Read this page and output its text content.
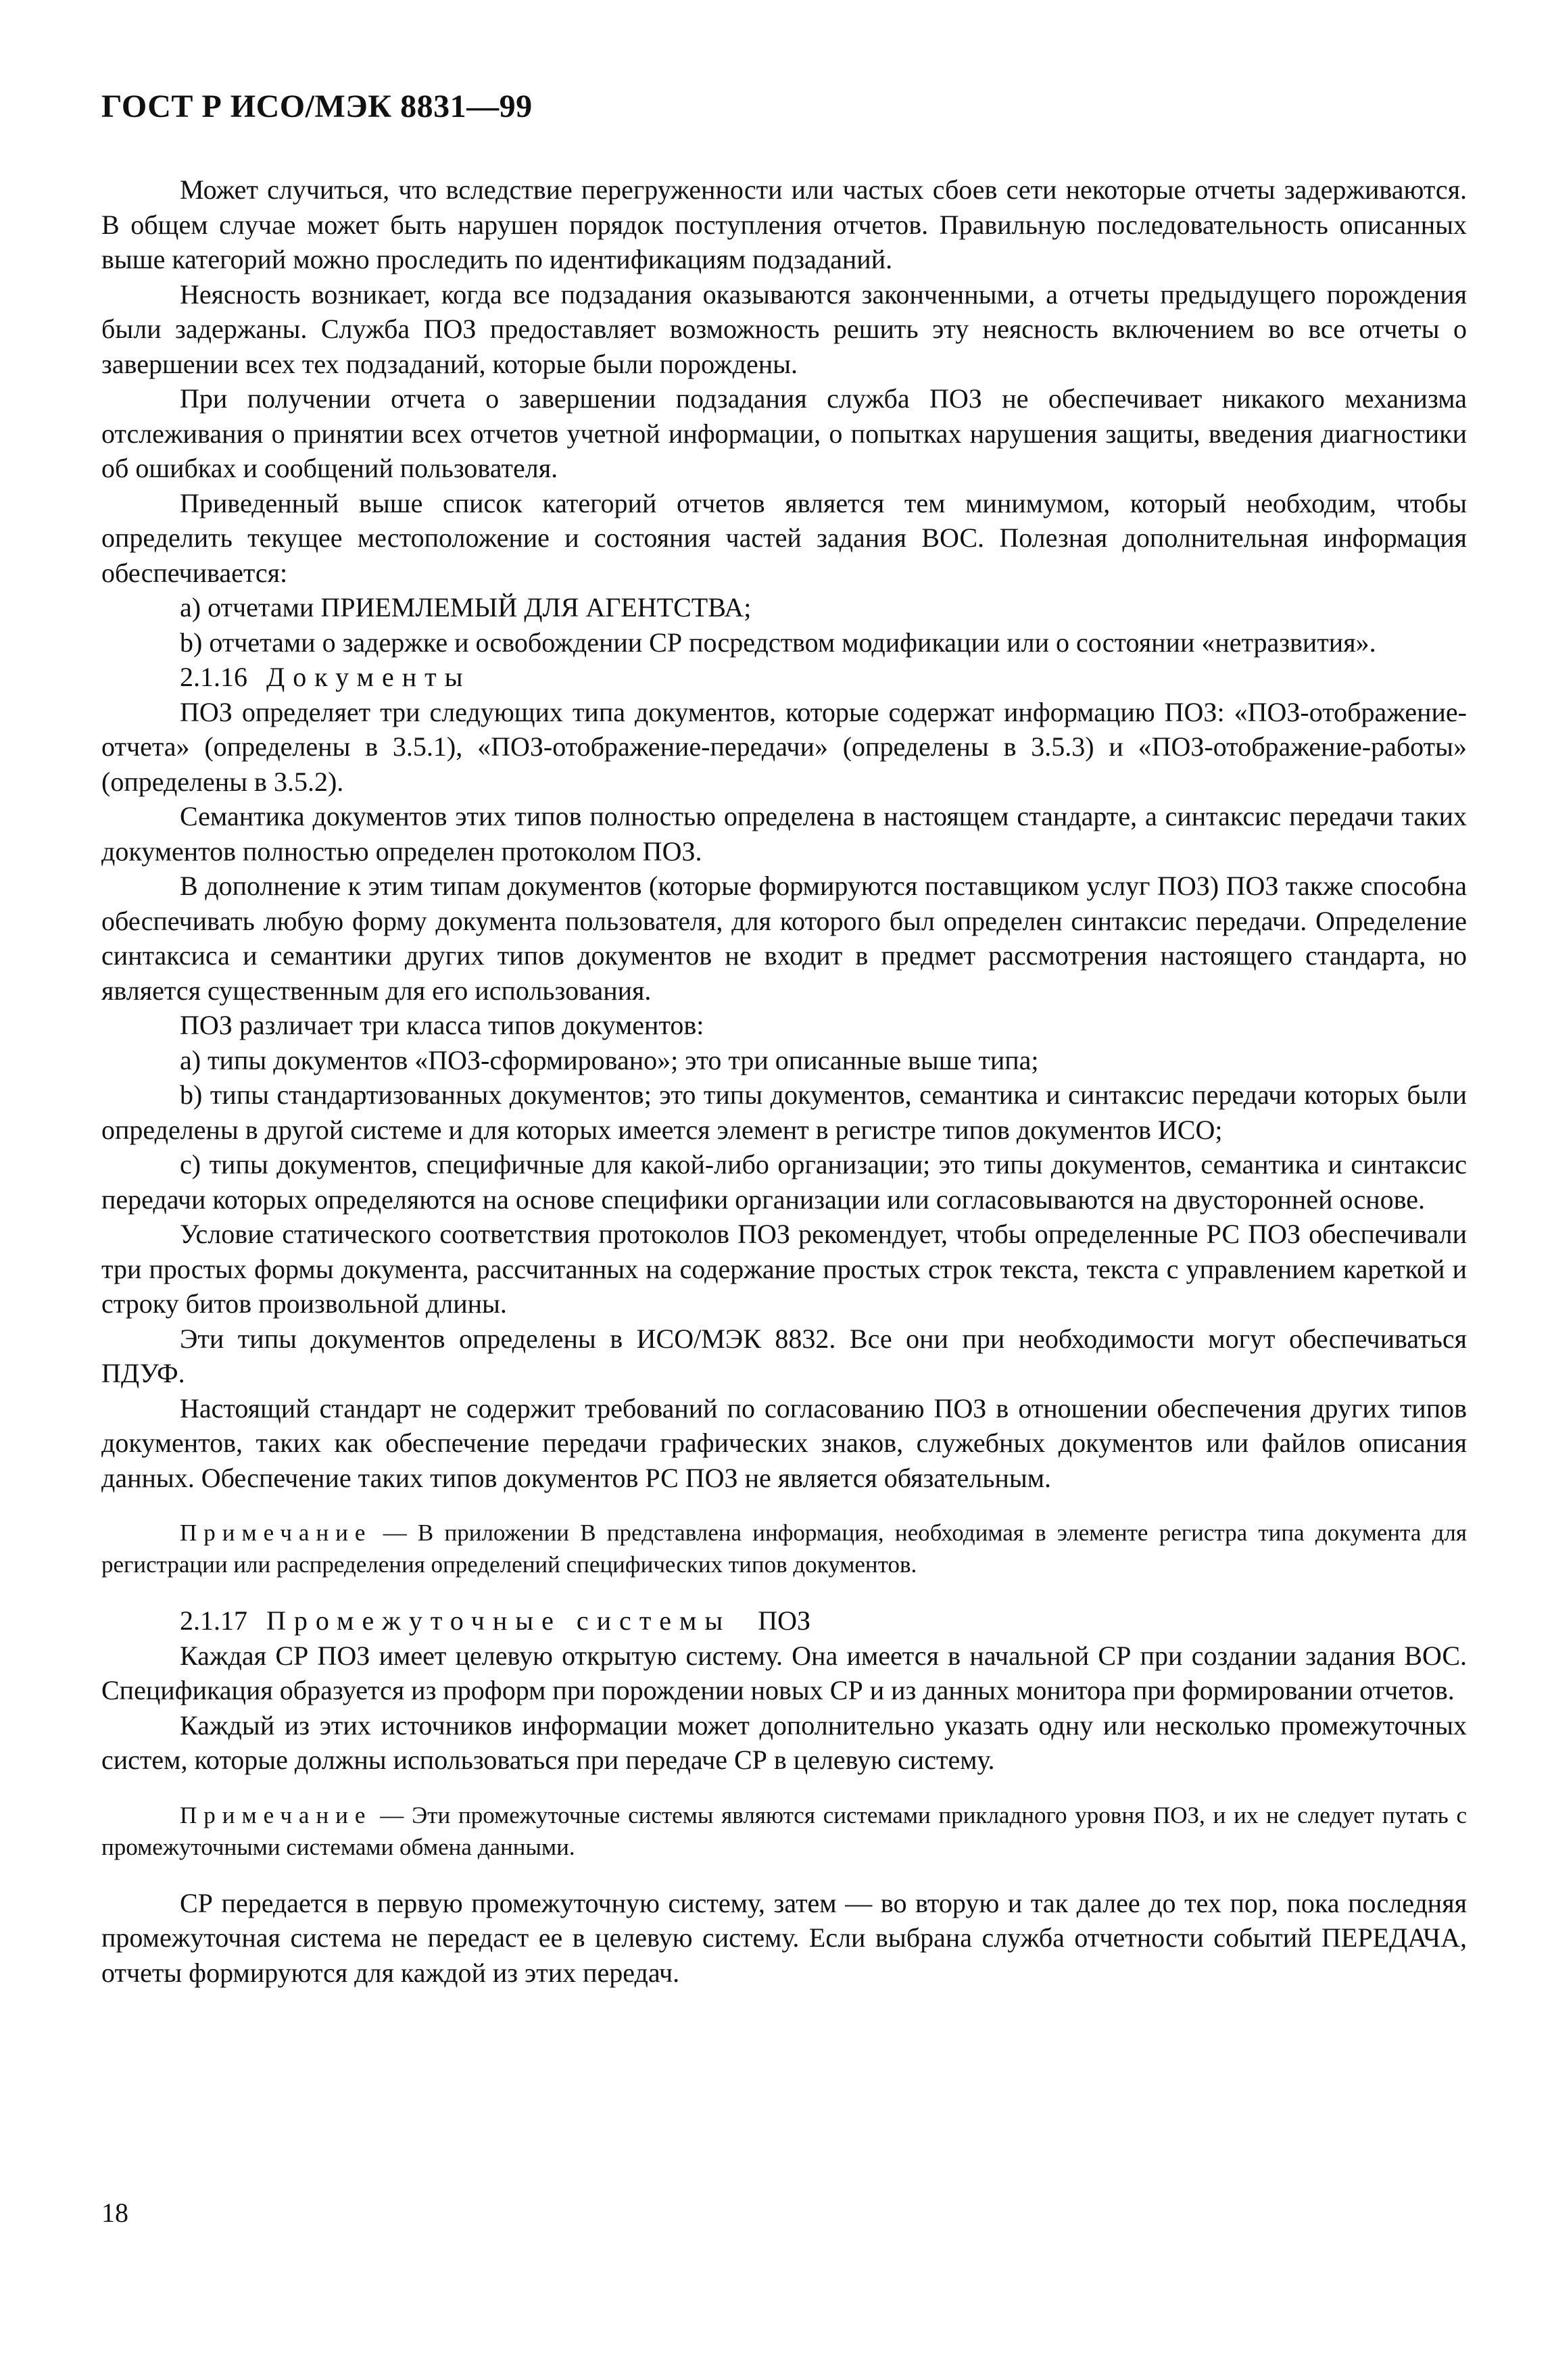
ГОСТ Р ИСО/МЭК 8831—99

Может случиться, что вследствие перегруженности или частых сбоев сети некоторые отчеты задерживаются. В общем случае может быть нарушен порядок поступления отчетов. Правильную последовательность описанных выше категорий можно проследить по идентификациям подзаданий.

Неясность возникает, когда все подзадания оказываются законченными, а отчеты предыдущего порождения были задержаны. Служба ПОЗ предоставляет возможность решить эту неясность включением во все отчеты о завершении всех тех подзаданий, которые были порождены.

При получении отчета о завершении подзадания служба ПОЗ не обеспечивает никакого механизма отслеживания о принятии всех отчетов учетной информации, о попытках нарушения защиты, введения диагностики об ошибках и сообщений пользователя.

Приведенный выше список категорий отчетов является тем минимумом, который необходим, чтобы определить текущее местоположение и состояния частей задания ВОС. Полезная дополнительная информация обеспечивается:

а) отчетами ПРИЕМЛЕМЫЙ ДЛЯ АГЕНТСТВА;

b) отчетами о задержке и освобождении СР посредством модификации или о состоянии «нетразвития».

2.1.16 Документы

ПОЗ определяет три следующих типа документов, которые содержат информацию ПОЗ: «ПОЗ-отображение-отчета» (определены в 3.5.1), «ПОЗ-отображение-передачи» (определены в 3.5.3) и «ПОЗ-отображение-работы» (определены в 3.5.2).

Семантика документов этих типов полностью определена в настоящем стандарте, а синтаксис передачи таких документов полностью определен протоколом ПОЗ.

В дополнение к этим типам документов (которые формируются поставщиком услуг ПОЗ) ПОЗ также способна обеспечивать любую форму документа пользователя, для которого был определен синтаксис передачи. Определение синтаксиса и семантики других типов документов не входит в предмет рассмотрения настоящего стандарта, но является существенным для его использования.

ПОЗ различает три класса типов документов:

а) типы документов «ПОЗ-сформировано»; это три описанные выше типа;

b) типы стандартизованных документов; это типы документов, семантика и синтаксис передачи которых были определены в другой системе и для которых имеется элемент в регистре типов документов ИСО;

с) типы документов, специфичные для какой-либо организации; это типы документов, семантика и синтаксис передачи которых определяются на основе специфики организации или согласовываются на двусторонней основе.

Условие статического соответствия протоколов ПОЗ рекомендует, чтобы определенные РС ПОЗ обеспечивали три простых формы документа, рассчитанных на содержание простых строк текста, текста с управлением кареткой и строку битов произвольной длины.

Эти типы документов определены в ИСО/МЭК 8832. Все они при необходимости могут обеспечиваться ПДУФ.

Настоящий стандарт не содержит требований по согласованию ПОЗ в отношении обеспечения других типов документов, таких как обеспечение передачи графических знаков, служебных документов или файлов описания данных. Обеспечение таких типов документов РС ПОЗ не является обязательным.

Примечание — В приложении В представлена информация, необходимая в элементе регистра типа документа для регистрации или распределения определений специфических типов документов.

2.1.17 Промежуточные системы ПОЗ

Каждая СР ПОЗ имеет целевую открытую систему. Она имеется в начальной СР при создании задания ВОС. Спецификация образуется из проформ при порождении новых СР и из данных монитора при формировании отчетов.

Каждый из этих источников информации может дополнительно указать одну или несколько промежуточных систем, которые должны использоваться при передаче СР в целевую систему.

Примечание — Эти промежуточные системы являются системами прикладного уровня ПОЗ, и их не следует путать с промежуточными системами обмена данными.

СР передается в первую промежуточную систему, затем — во вторую и так далее до тех пор, пока последняя промежуточная система не передаст ее в целевую систему. Если выбрана служба отчетности событий ПЕРЕДАЧА, отчеты формируются для каждой из этих передач.

18
